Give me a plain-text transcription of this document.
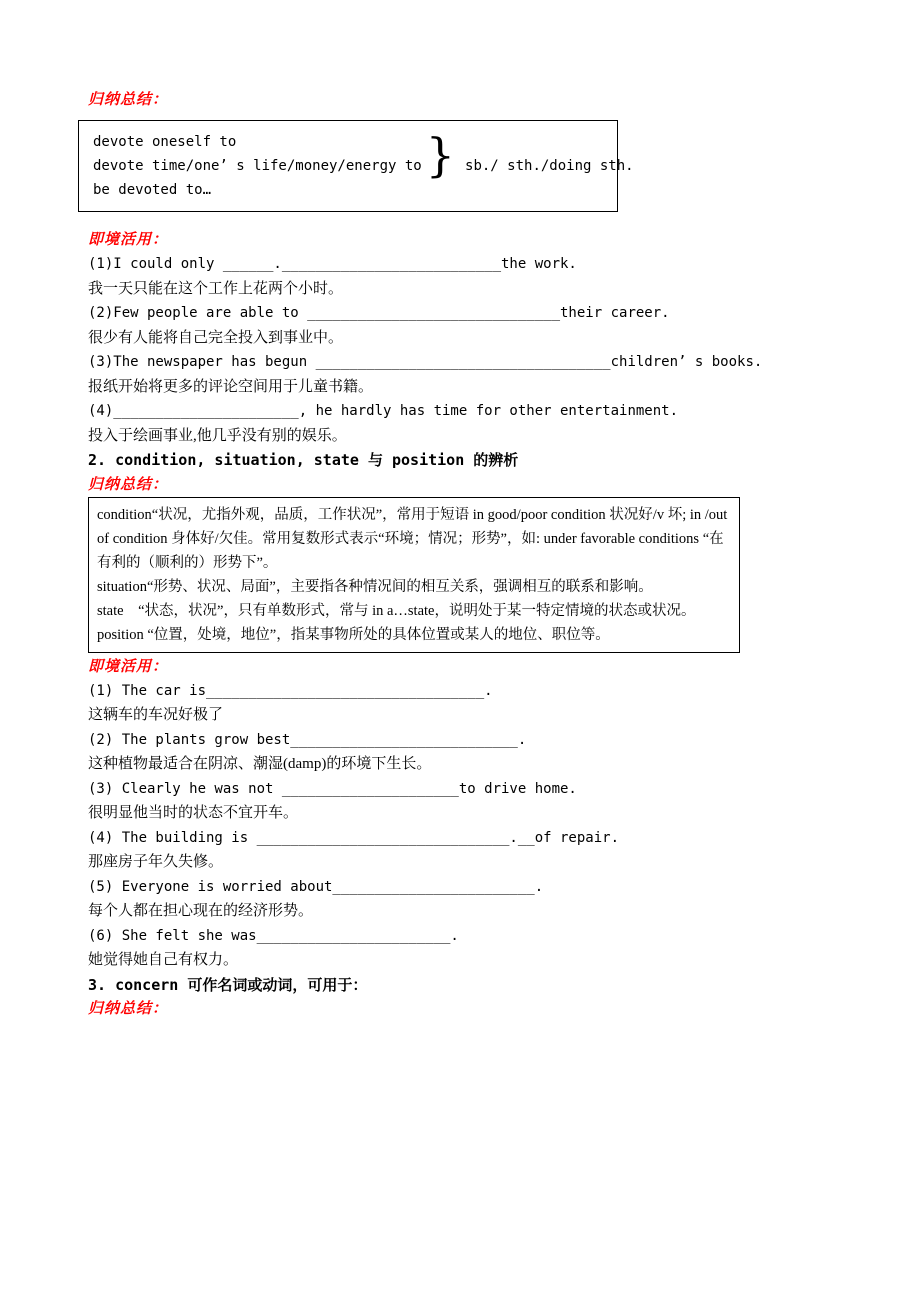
归纳总结：

devote oneself to

devote time/one’ s life/money/energy to } sb./ sth./doing sth.

be devoted to…

即境活用：

(1)I could only ______.__________________________the work.

我一天只能在这个工作上花两个小时。

(2)Few people are able to ______________________________their career.

很少有人能将自己完全投入到事业中。

(3)The newspaper has begun ___________________________________children’ s books.

报纸开始将更多的评论空间用于儿童书籍。

(4)______________________, he hardly has time for other entertainment.

投入于绘画事业,他几乎没有别的娱乐。

2. condition, situation, state 与 position 的辨析

归纳总结：

condition“状况，尤指外观，品质，工作状况”，常用于短语 in good/poor condition 状况好/v 坏; in /out of condition 身体好/欠佳。常用复数形式表示“环境；情况；形势”，如: under favorable conditions “在有利的（顺利的）形势下”。

situation“形势、状况、局面”，主要指各种情况间的相互关系，强调相互的联系和影响。

state　“状态，状况”，只有单数形式，常与 in a…state，说明处于某一特定情境的状态或状况。

position “位置，处境，地位”，指某事物所处的具体位置或某人的地位、职位等。

即境活用：

(1) The car is_________________________________.

这辆车的车况好极了

(2) The plants grow best___________________________.

这种植物最适合在阴凉、潮湿(damp)的环境下生长。

(3) Clearly he was not _____________________to drive home.

很明显他当时的状态不宜开车。

(4) The building is ______________________________.__of repair.

那座房子年久失修。

(5) Everyone is worried about________________________.

每个人都在担心现在的经济形势。

(6) She felt she was_______________________.

她觉得她自己有权力。

3. concern 可作名词或动词，可用于：

归纳总结：
